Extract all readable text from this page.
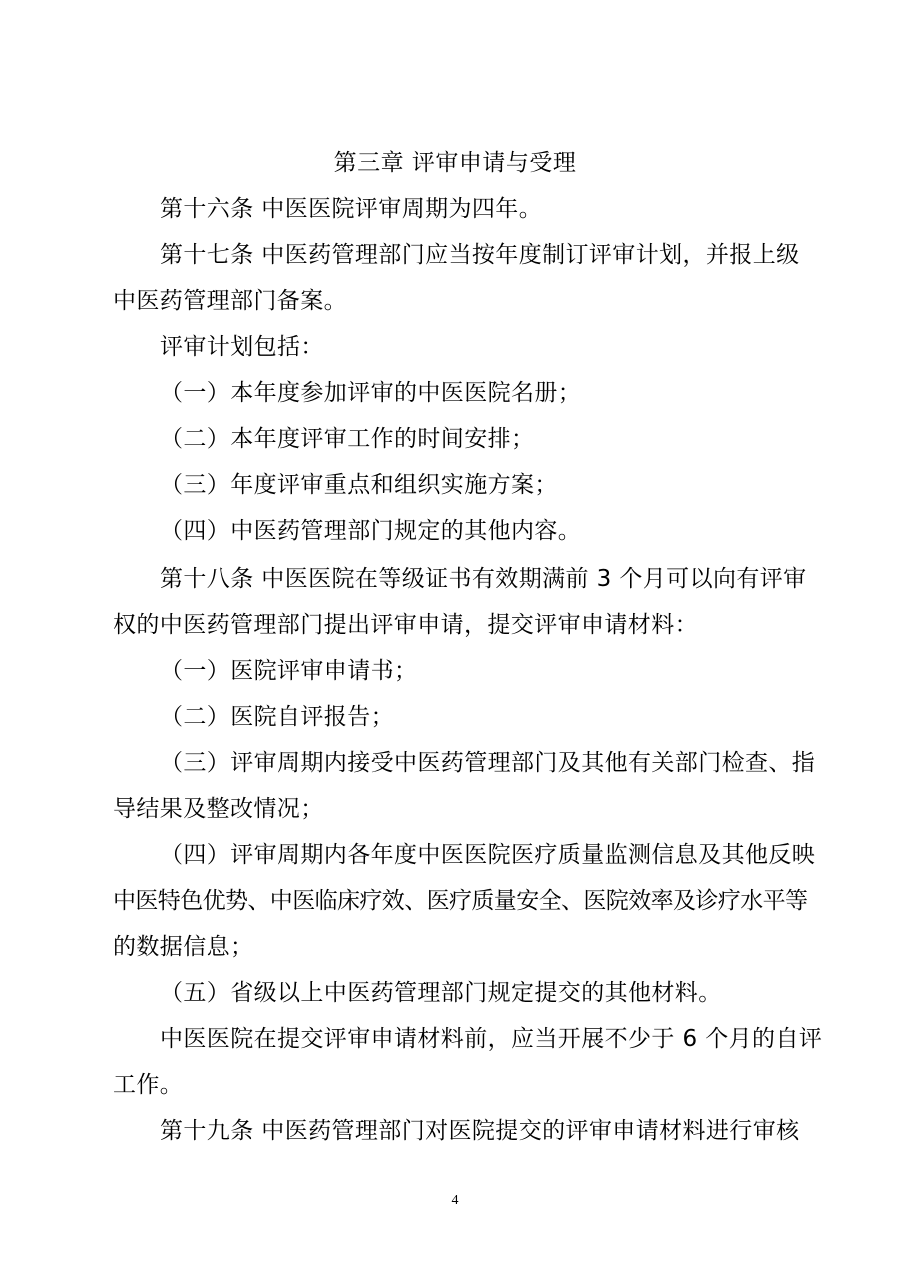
第三章 评审申请与受理
第十六条 中医医院评审周期为四年。
第十七条 中医药管理部门应当按年度制订评审计划，并报上级
中医药管理部门备案。
评审计划包括：
（一）本年度参加评审的中医医院名册；
（二）本年度评审工作的时间安排；
（三）年度评审重点和组织实施方案；
（四）中医药管理部门规定的其他内容。
第十八条 中医医院在等级证书有效期满前 3 个月可以向有评审
权的中医药管理部门提出评审申请，提交评审申请材料：
（一）医院评审申请书；
（二）医院自评报告；
（三）评审周期内接受中医药管理部门及其他有关部门检查、指
导结果及整改情况；
（四）评审周期内各年度中医医院医疗质量监测信息及其他反映
中医特色优势、中医临床疗效、医疗质量安全、医院效率及诊疗水平等
的数据信息；
（五）省级以上中医药管理部门规定提交的其他材料。
中医医院在提交评审申请材料前，应当开展不少于 6 个月的自评
工作。
第十九条 中医药管理部门对医院提交的评审申请材料进行审核
4
